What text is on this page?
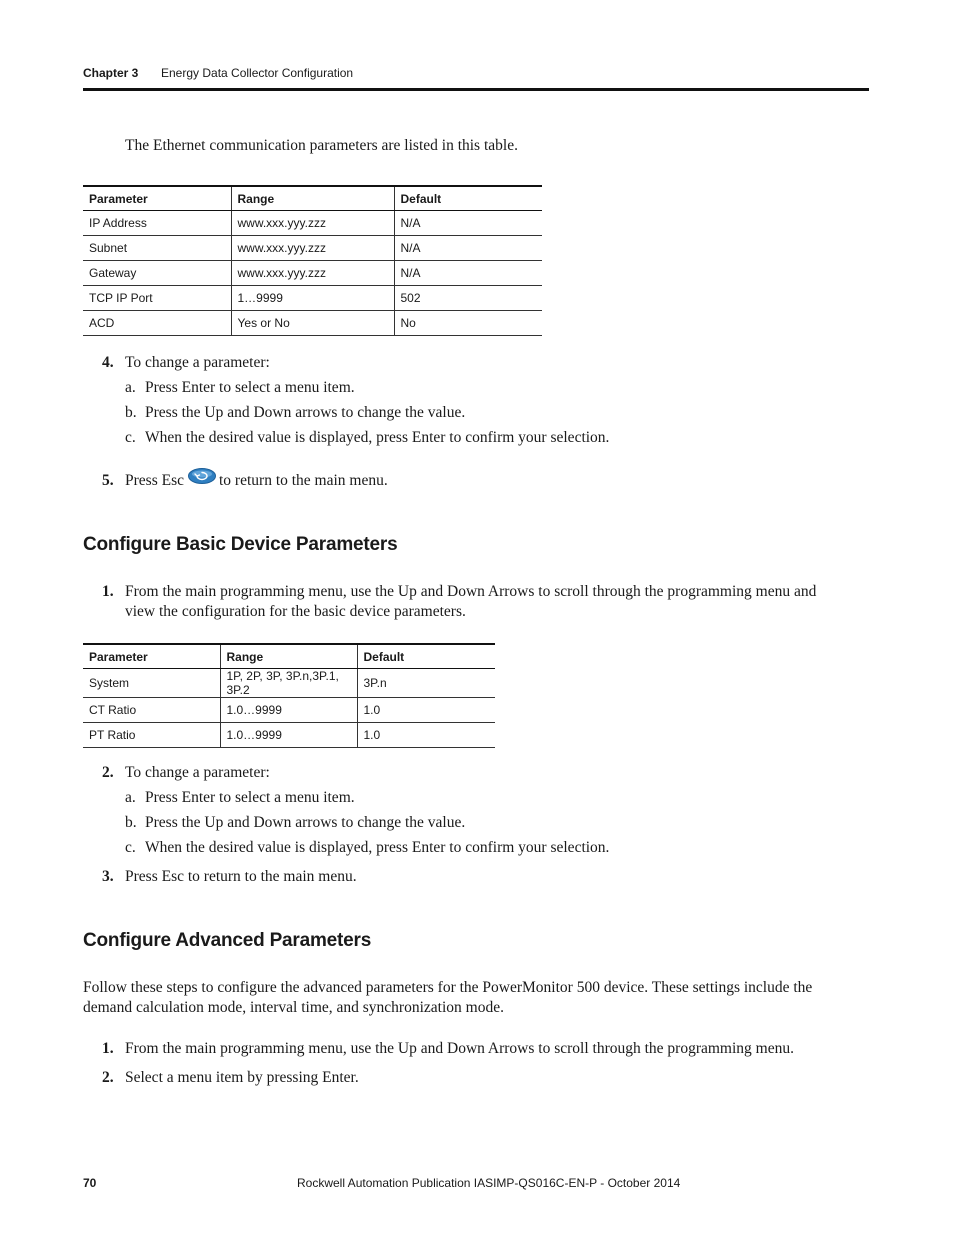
Chapter 3 Energy Data Collector Configuration
The Ethernet communication parameters are listed in this table.
Parameter	Range	Default
IP Address	www.xxx.yyy.zzz	N/A
Subnet	www.xxx.yyy.zzz	N/A
Gateway	www.xxx.yyy.zzz	N/A
TCP IP Port	1…9999	502
ACD	Yes or No	No
4. To change a parameter:
a. Press Enter to select a menu item.
b. Press the Up and Down arrows to change the value.
c. When the desired value is displayed, press Enter to confirm your selection.
5. Press Esc to return to the main menu.
Configure Basic Device Parameters
1. From the main programming menu, use the Up and Down Arrows to scroll through the programming menu and
view the configuration for the basic device parameters.
Parameter	Range	Default
System	1P, 2P, 3P, 3P.n,3P.1, 3P.2	3P.n
CT Ratio	1.0…9999	1.0
PT Ratio	1.0…9999	1.0
2. To change a parameter:
a. Press Enter to select a menu item.
b. Press the Up and Down arrows to change the value.
c. When the desired value is displayed, press Enter to confirm your selection.
3. Press Esc to return to the main menu.
Configure Advanced Parameters
Follow these steps to configure the advanced parameters for the PowerMonitor 500 device. These settings include the
demand calculation mode, interval time, and synchronization mode.
1. From the main programming menu, use the Up and Down Arrows to scroll through the programming menu.
2. Select a menu item by pressing Enter.
70	Rockwell Automation Publication IASIMP-QS016C-EN-P - October 2014
